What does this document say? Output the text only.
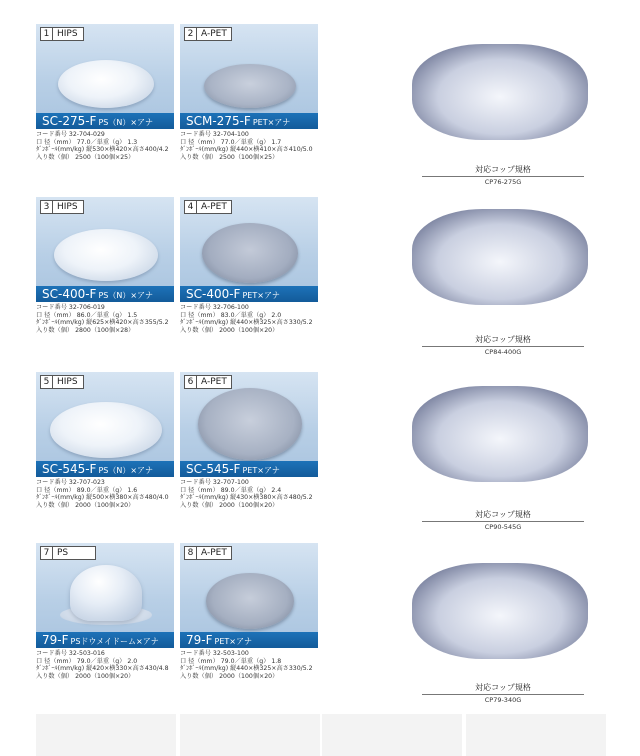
1 HIPS
SC-275-F PS（N）×アナ
コード番号 32-704-029
口 径（mm） 77.0／単重（g） 1.3
ﾀﾞﾝﾎﾞｰﾙ(mm/kg) 縦530×横420×高さ400/4.2
入り数（個） 2500（100個×25）
2 A-PET
SCM-275-F PET×アナ
コード番号 32-704-100
口 径（mm） 77.0／単重（g） 1.7
ﾀﾞﾝﾎﾞｰﾙ(mm/kg) 縦440×横410×高さ410/5.0
入り数（個） 2500（100個×25）
対応コップ規格
CP76-275G
3 HIPS
SC-400-F PS（N）×アナ
コード番号 32-706-019
口 径（mm） 86.0／単重（g） 1.5
ﾀﾞﾝﾎﾞｰﾙ(mm/kg) 縦625×横420×高さ355/5.2
入り数（個） 2800（100個×28）
4 A-PET
SC-400-F PET×アナ
コード番号 32-706-100
口 径（mm） 83.0／単重（g） 2.0
ﾀﾞﾝﾎﾞｰﾙ(mm/kg) 縦440×横325×高さ330/5.2
入り数（個） 2000（100個×20）
対応コップ規格
CP84-400G
5 HIPS
SC-545-F PS（N）×アナ
コード番号 32-707-023
口 径（mm） 89.0／単重（g） 1.6
ﾀﾞﾝﾎﾞｰﾙ(mm/kg) 縦500×横380×高さ480/4.0
入り数（個） 2000（100個×20）
6 A-PET
SC-545-F PET×アナ
コード番号 32-707-100
口 径（mm） 89.0／単重（g） 2.4
ﾀﾞﾝﾎﾞｰﾙ(mm/kg) 縦430×横380×高さ480/5.2
入り数（個） 2000（100個×20）
対応コップ規格
CP90-545G
7 PS
79-F PSドウメイドーム×アナ
コード番号 32-503-016
口 径（mm） 79.0／単重（g） 2.0
ﾀﾞﾝﾎﾞｰﾙ(mm/kg) 縦420×横330×高さ430/4.8
入り数（個） 2000（100個×20）
8 A-PET
79-F PET×アナ
コード番号 32-503-100
口 径（mm） 79.0／単重（g） 1.8
ﾀﾞﾝﾎﾞｰﾙ(mm/kg) 縦440×横325×高さ330/5.2
入り数（個） 2000（100個×20）
対応コップ規格
CP79-340G
